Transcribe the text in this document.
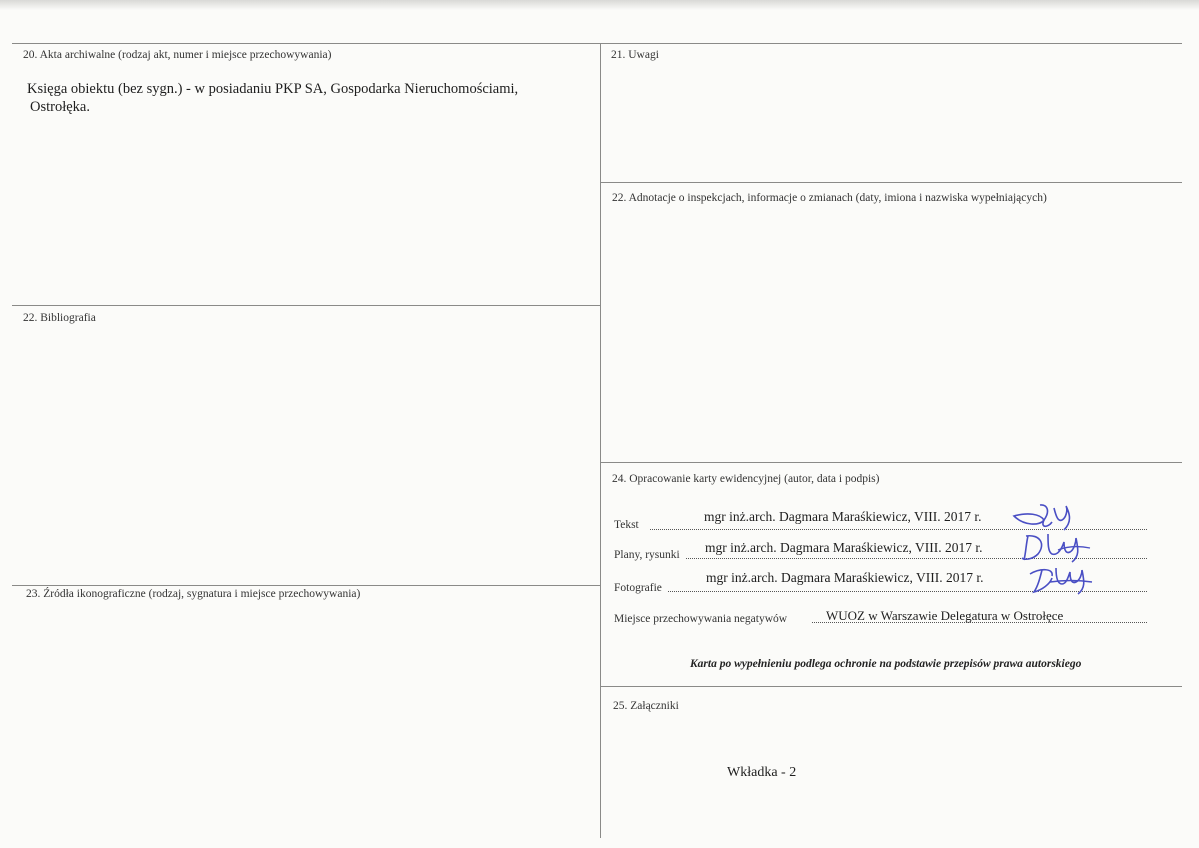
20. Akta archiwalne (rodzaj akt, numer i miejsce przechowywania)
Księga obiektu (bez sygn.) - w posiadaniu PKP SA, Gospodarka Nieruchomościami,
Ostrołęka.
22. Bibliografia
23. Źródła ikonograficzne (rodzaj, sygnatura i miejsce przechowywania)
21. Uwagi
22. Adnotacje o inspekcjach, informacje o zmianach (daty, imiona i nazwiska wypełniających)
24. Opracowanie karty ewidencyjnej (autor, data i podpis)
Tekst
mgr inż.arch. Dagmara Maraśkiewicz, VIII. 2017 r.
Plany, rysunki mgr inż.arch. Dagmara Maraśkiewicz, VIII. 2017 r.
Fotografie
mgr inż.arch. Dagmara Maraśkiewicz, VIII. 2017 r.
Miejsce przechowywania negatywów	WUOZ w Warszawie Delegatura w Ostrołęce
Karta po wypełnieniu podlega ochronie na podstawie przepisów prawa autorskiego
25. Załączniki
Wkładka - 2
